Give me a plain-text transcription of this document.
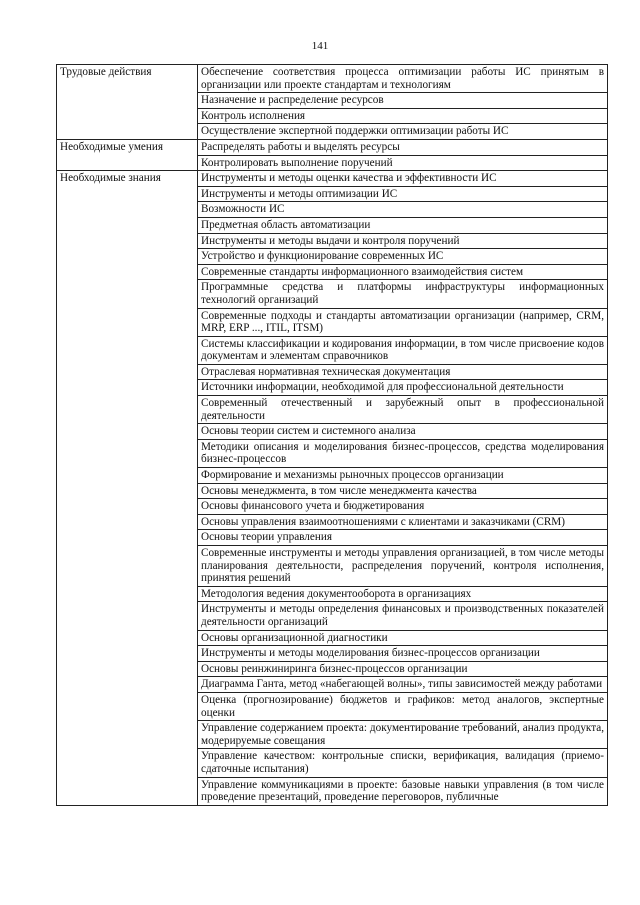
141
Трудовые действия	Обеспечение соответствия процесса оптимизации работы ИС принятым в организации или проекте стандартам и технологиям
	Назначение и распределение ресурсов
	Контроль исполнения
	Осуществление экспертной поддержки оптимизации работы ИС
Необходимые умения	Распределять работы и выделять ресурсы
	Контролировать выполнение поручений
Необходимые знания	Инструменты и методы оценки качества и эффективности ИС
	Инструменты и методы оптимизации ИС
	Возможности ИС
	Предметная область автоматизации
	Инструменты и методы выдачи и контроля поручений
	Устройство и функционирование современных ИС
	Современные стандарты информационного взаимодействия систем
	Программные средства и платформы инфраструктуры информационных технологий организаций
	Современные подходы и стандарты автоматизации организации (например, CRM, MRP, ERP ..., ITIL, ITSM)
	Системы классификации и кодирования информации, в том числе присвоение кодов документам и элементам справочников
	Отраслевая нормативная техническая документация
	Источники информации, необходимой для профессиональной деятельности
	Современный отечественный и зарубежный опыт в профессиональной деятельности
	Основы теории систем и системного анализа
	Методики описания и моделирования бизнес-процессов, средства моделирования бизнес-процессов
	Формирование и механизмы рыночных процессов организации
	Основы менеджмента, в том числе менеджмента качества
	Основы финансового учета и бюджетирования
	Основы управления взаимоотношениями с клиентами и заказчиками (CRM)
	Основы теории управления
	Современные инструменты и методы управления организацией, в том числе методы планирования деятельности, распределения поручений, контроля исполнения, принятия решений
	Методология ведения документооборота в организациях
	Инструменты и методы определения финансовых и производственных показателей деятельности организаций
	Основы организационной диагностики
	Инструменты и методы моделирования бизнес-процессов организации
	Основы реинжиниринга бизнес-процессов организации
	Диаграмма Ганта, метод «набегающей волны», типы зависимостей между работами
	Оценка (прогнозирование) бюджетов и графиков: метод аналогов, экспертные оценки
	Управление содержанием проекта: документирование требований, анализ продукта, модерируемые совещания
	Управление качеством: контрольные списки, верификация, валидация (приемо-сдаточные испытания)
	Управление коммуникациями в проекте: базовые навыки управления (в том числе проведение презентаций, проведение переговоров, публичные
